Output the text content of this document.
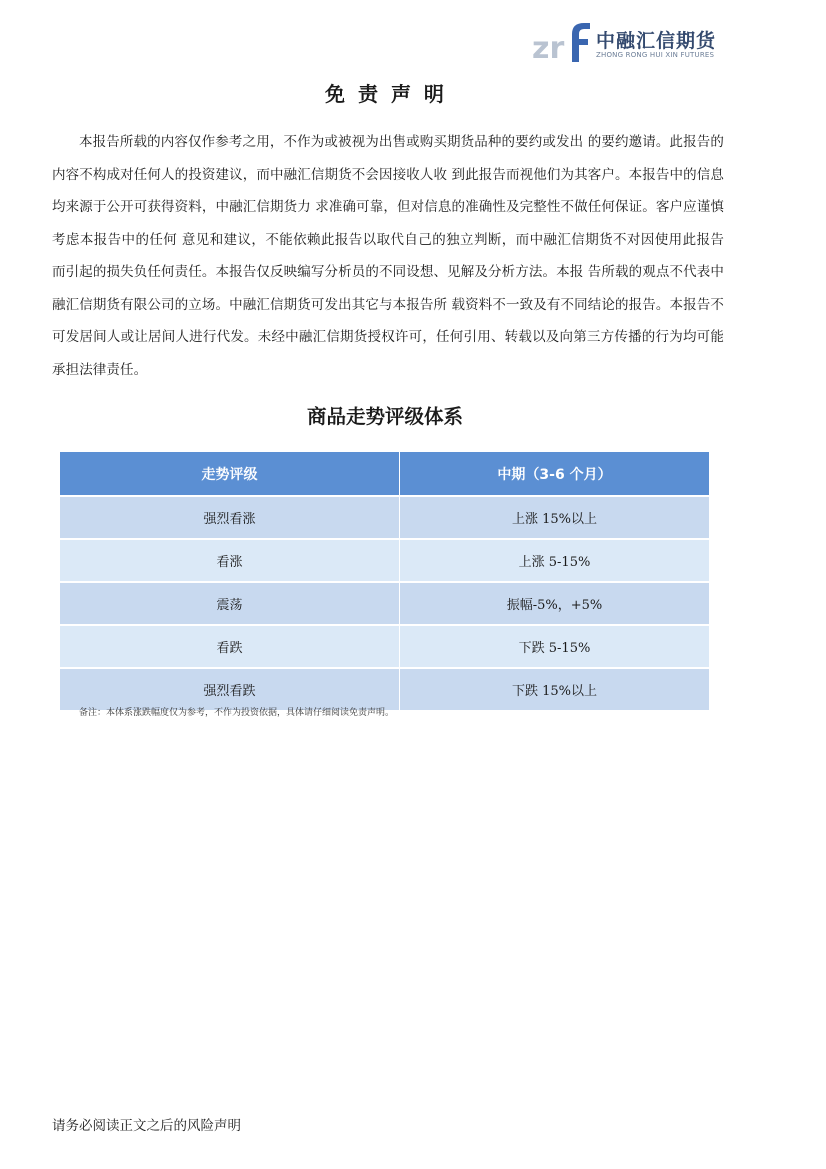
zr 中融汇信期货
ZHONG RONG HUI XIN FUTURES
免 责 声 明

本报告所载的内容仅作参考之用，不作为或被视为出售或购买期货品种的要约或发出 的要约邀请。此报告的内容不构成对任何人的投资建议，而中融汇信期货不会因接收人收 到此报告而视他们为其客户。本报告中的信息均来源于公开可获得资料，中融汇信期货力 求准确可靠，但对信息的准确性及完整性不做任何保证。客户应谨慎考虑本报告中的任何 意见和建议，不能依赖此报告以取代自己的独立判断，而中融汇信期货不对因使用此报告 而引起的损失负任何责任。本报告仅反映编写分析员的不同设想、见解及分析方法。本报 告所载的观点不代表中融汇信期货有限公司的立场。中融汇信期货可发出其它与本报告所 载资料不一致及有不同结论的报告。本报告不可发居间人或让居间人进行代发。未经中融汇信期货授权许可，任何引用、转载以及向第三方传播的行为均可能承担法律责任。

商品走势评级体系
走势评级	中期（3-6 个月）
强烈看涨	上涨 15%以上
看涨	上涨 5-15%
震荡	振幅-5%，+5%
看跌	下跌 5-15%
强烈看跌	下跌 15%以上
备注：本体系涨跌幅度仅为参考，不作为投资依据，具体请仔细阅读免责声明。
请务必阅读正文之后的风险声明
